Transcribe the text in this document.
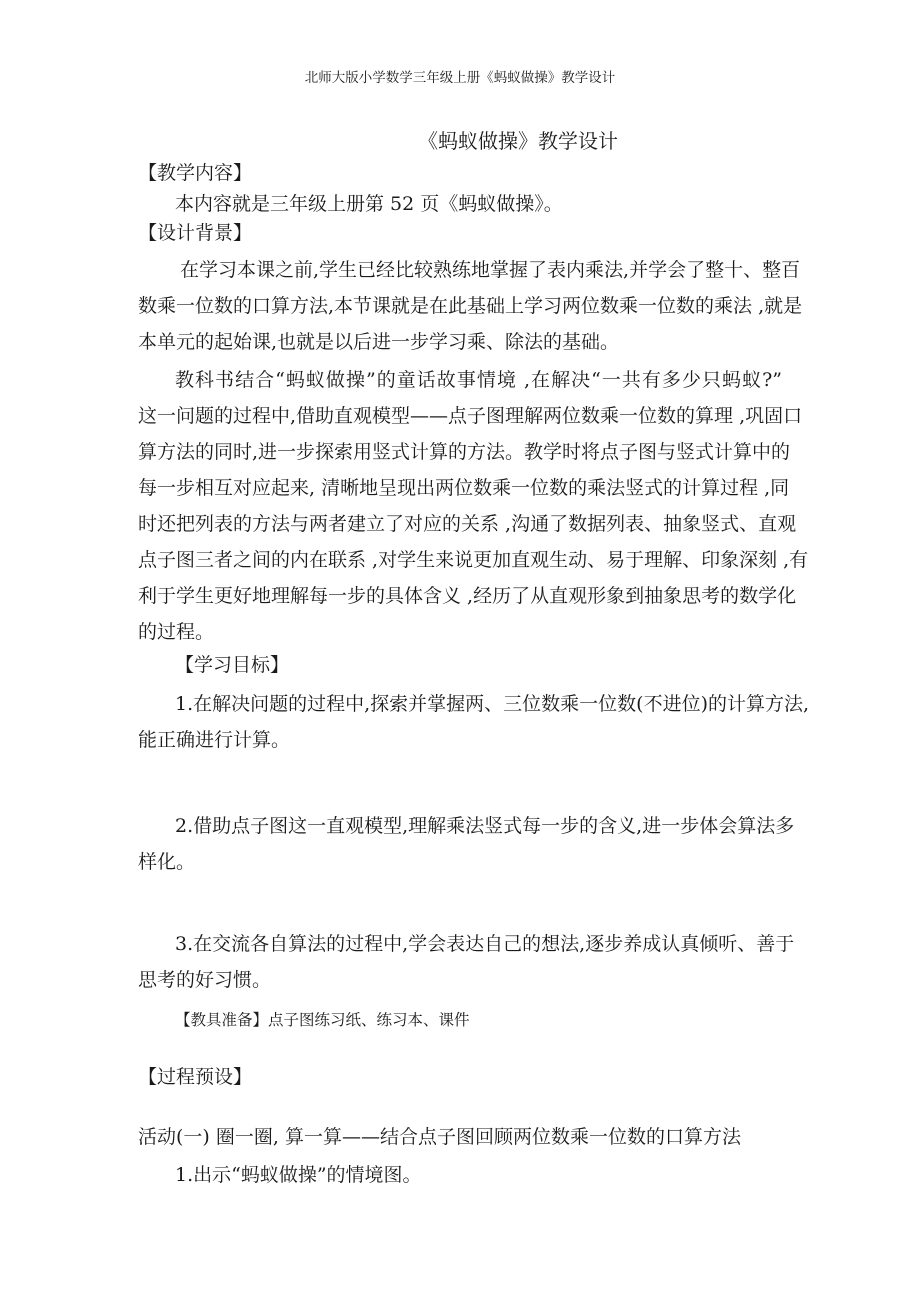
北师大版小学数学三年级上册《蚂蚁做操》教学设计
《蚂蚁做操》教学设计
【教学内容】
本内容就是三年级上册第 52 页《蚂蚁做操》。
【设计背景】
在学习本课之前,学生已经比较熟练地掌握了表内乘法,并学会了整十、整百
数乘一位数的口算方法,本节课就是在此基础上学习两位数乘一位数的乘法 ,就是
本单元的起始课,也就是以后进一步学习乘、除法的基础。
教科书结合“蚂蚁做操”的童话故事情境 ,在解决“一共有多少只蚂蚁?”
这一问题的过程中,借助直观模型——点子图理解两位数乘一位数的算理 ,巩固口
算方法的同时,进一步探索用竖式计算的方法。教学时将点子图与竖式计算中的
每一步相互对应起来, 清晰地呈现出两位数乘一位数的乘法竖式的计算过程 ,同
时还把列表的方法与两者建立了对应的关系 ,沟通了数据列表、抽象竖式、直观
点子图三者之间的内在联系 ,对学生来说更加直观生动、易于理解、印象深刻 ,有
利于学生更好地理解每一步的具体含义 ,经历了从直观形象到抽象思考的数学化
的过程。
【学习目标】
1.在解决问题的过程中,探索并掌握两、三位数乘一位数(不进位)的计算方法,
能正确进行计算。
2.借助点子图这一直观模型,理解乘法竖式每一步的含义,进一步体会算法多
样化。
3.在交流各自算法的过程中,学会表达自己的想法,逐步养成认真倾听、善于
思考的好习惯。
【教具准备】点子图练习纸、练习本、课件
【过程预设】
活动(一) 圈一圈, 算一算——结合点子图回顾两位数乘一位数的口算方法
1.出示“蚂蚁做操”的情境图。
